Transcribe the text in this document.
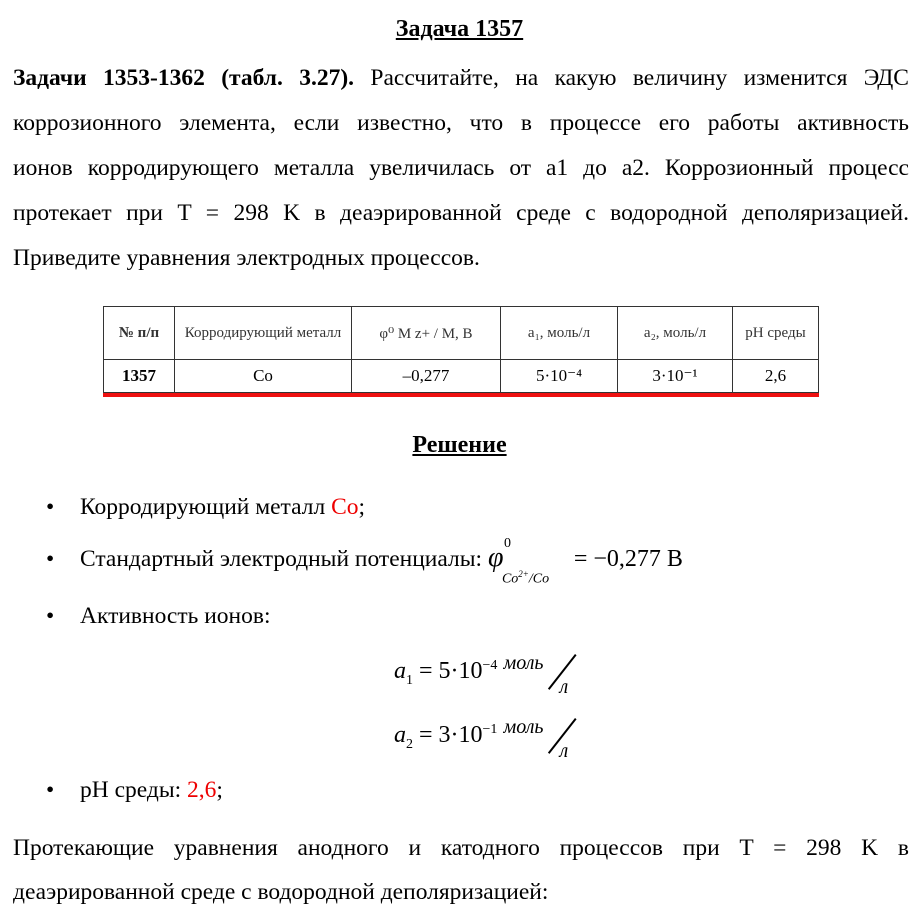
Задача 1357
Задачи 1353-1362 (табл. 3.27). Рассчитайте, на какую величину изменится ЭДС
коррозионного элемента, если известно, что в процессе его работы активность
ионов корродирующего металла увеличилась от a1 до a2. Коррозионный процесс
протекает при T = 298 K в деаэрированной среде с водородной деполяризацией.
Приведите уравнения электродных процессов.
№ п/п	Корродирующий металл	φ⁰ M z+ / M, В	a₁, моль/л	a₂, моль/л	pH среды
1357	Co	–0,277	5·10⁻⁴	3·10⁻¹	2,6
Решение
• Корродирующий металл Co;
• Стандартный электродный потенциалы: φ 0
$Co^{2+}/Co$
= −0,277 В
• Активность ионов:
$a_1 = 5\cdot 10^{-4}$ моль
л
$a_2 = 3\cdot 10^{-1}$ моль
л
• pH среды: 2,6;
Протекающие уравнения анодного и катодного процессов при T = 298 K в
деаэрированной среде с водородной деполяризацией:
